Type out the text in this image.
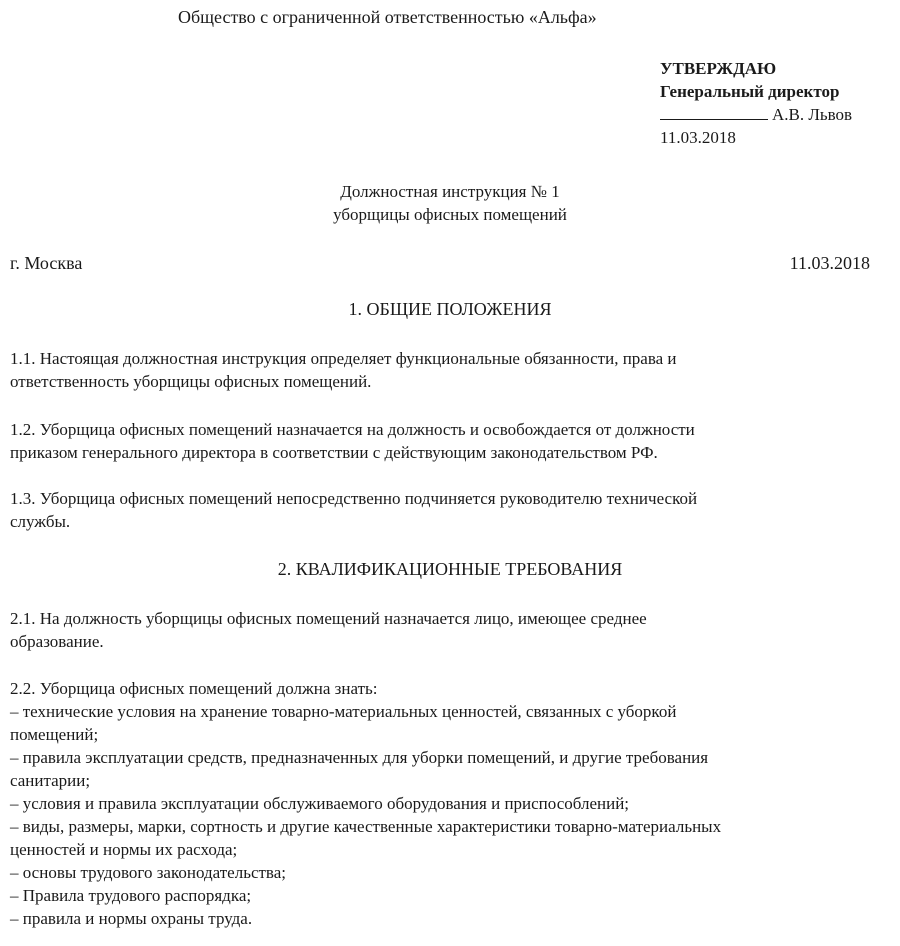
Общество с ограниченной ответственностью «Альфа»
УТВЕРЖДАЮ
Генеральный директор
А.В. Львов
11.03.2018
Должностная инструкция № 1
уборщицы офисных помещений
г. Москва	11.03.2018
1. ОБЩИЕ ПОЛОЖЕНИЯ
1.1. Настоящая должностная инструкция определяет функциональные обязанности, права и
ответственность уборщицы офисных помещений.
1.2. Уборщица офисных помещений назначается на должность и освобождается от должности
приказом генерального директора в соответствии с действующим законодательством РФ.
1.3. Уборщица офисных помещений непосредственно подчиняется руководителю технической
службы.
2. КВАЛИФИКАЦИОННЫЕ ТРЕБОВАНИЯ
2.1. На должность уборщицы офисных помещений назначается лицо, имеющее среднее
образование.
2.2. Уборщица офисных помещений должна знать:
– технические условия на хранение товарно-материальных ценностей, связанных с уборкой
помещений;
– правила эксплуатации средств, предназначенных для уборки помещений, и другие требования
санитарии;
– условия и правила эксплуатации обслуживаемого оборудования и приспособлений;
– виды, размеры, марки, сортность и другие качественные характеристики товарно-материальных
ценностей и нормы их расхода;
– основы трудового законодательства;
– Правила трудового распорядка;
– правила и нормы охраны труда.
